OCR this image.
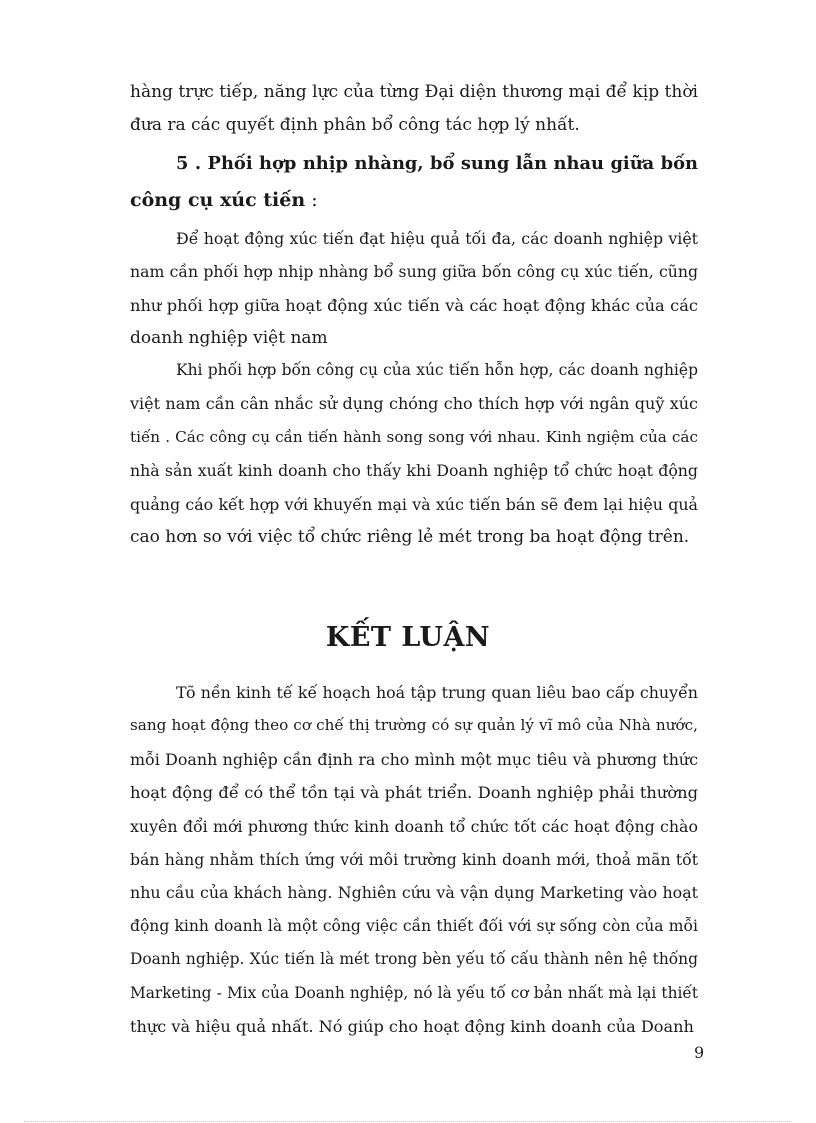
hàng trực tiếp, năng lực của từng Đại diện thương mại để kịp thời
đưa ra các quyết định phân bổ công tác hợp lý nhất.
5 . Phối hợp nhịp nhàng, bổ sung lẫn nhau giữa bốn
công cụ xúc tiến :
Để hoạt động xúc tiến đạt hiệu quả tối đa, các doanh nghiệp việt
nam cần phối hợp nhịp nhàng bổ sung giữa bốn công cụ xúc tiến, cũng
như phối hợp giữa hoạt động xúc tiến và các hoạt động khác của các
doanh nghiệp việt nam
Khi phối hợp bốn công cụ của xúc tiến hỗn hợp, các doanh nghiệp
việt nam cần cân nhắc sử dụng chóng cho thích hợp với ngân quỹ xúc
tiến . Các công cụ cần tiến hành song song với nhau. Kinh ngiệm của các
nhà sản xuất kinh doanh cho thấy khi Doanh nghiệp tổ chức hoạt động
quảng cáo kết hợp với khuyến mại và xúc tiến bán sẽ đem lại hiệu quả
cao hơn so với việc tổ chức riêng lẻ mét trong ba hoạt động trên.
KẾT LUẬN
Tõ nền kinh tế kế hoạch hoá tập trung quan liêu bao cấp chuyển
sang hoạt động theo cơ chế thị trường có sự quản lý vĩ mô của Nhà nước,
mỗi Doanh nghiệp cần định ra cho mình một mục tiêu và phương thức
hoạt động để có thể tồn tại và phát triển. Doanh nghiệp phải thường
xuyên đổi mới phương thức kinh doanh tổ chức tốt các hoạt động chào
bán hàng nhằm thích ứng với môi trường kinh doanh mới, thoả mãn tốt
nhu cầu của khách hàng. Nghiên cứu và vận dụng Marketing vào hoạt
động kinh doanh là một công việc cần thiết đối với sự sống còn của mỗi
Doanh nghiệp. Xúc tiến là mét trong bèn yếu tố cấu thành nên hệ thống
Marketing - Mix của Doanh nghiệp, nó là yếu tố cơ bản nhất mà lại thiết
thực và hiệu quả nhất. Nó giúp cho hoạt động kinh doanh của Doanh
9
